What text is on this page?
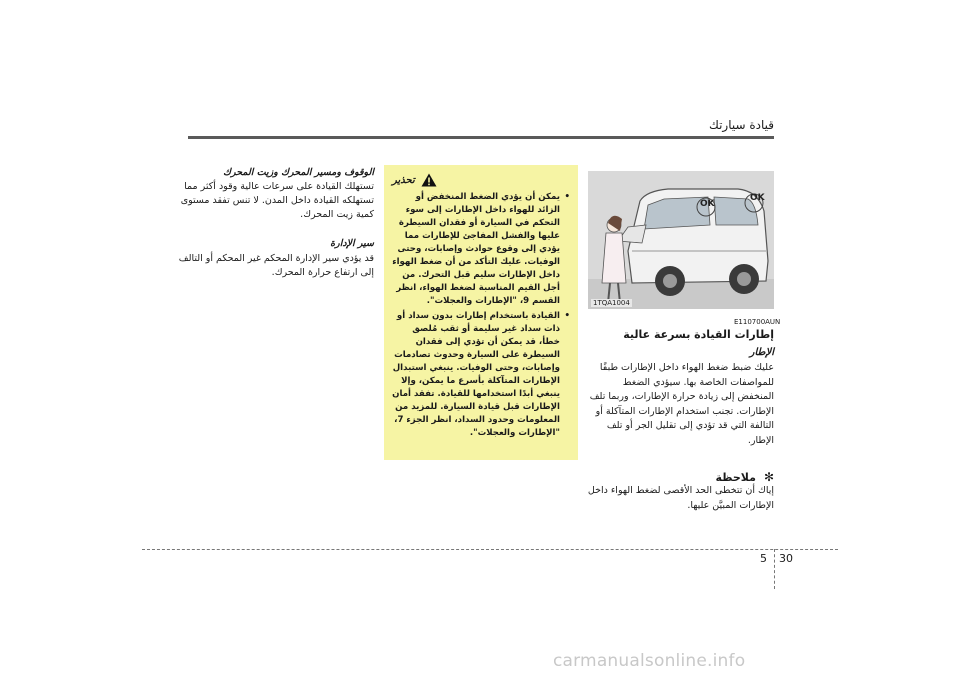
قيادة سيارتك
OK
OK
1TQA1004
E110700AUN
إطارات القيادة بسرعة عالية
الإطار
عليك ضبط ضغط الهواء داخل الإطارات طبقًا للمواصفات الخاصة بها. سيؤدي الضغط المنخفض إلى زيادة حرارة الإطارات، وربما تلف الإطارات. تجنب استخدام الإطارات المتآكلة أو التالفة التي قد تؤدي إلى تقليل الجر أو تلف الإطار.
✻
ملاحظة
إياك أن تتخطى الحد الأقصى لضغط الهواء داخل الإطارات المبيَّن عليها.
تحذير
• يمكن أن يؤدي الضغط المنخفض أو الزائد للهواء داخل الإطارات إلى سوء التحكم في السيارة أو فقدان السيطرة عليها والفشل المفاجئ للإطارات مما يؤدي إلى وقوع حوادث وإصابات، وحتى الوفيات. عليك التأكد من أن ضغط الهواء داخل الإطارات سليم قبل التحرك. من أجل القيم المناسبة لضغط الهواء، انظر القسم 9، "الإطارات والعجلات".
• القيادة باستخدام إطارات بدون سداد أو ذات سداد غير سليمة أو ثقب مُلصق خطأ، قد يمكن أن تؤدي إلى فقدان السيطرة على السيارة وحدوث تصادمات وإصابات، وحتى الوفيات. ينبغي استبدال الإطارات المتآكلة بأسرع ما يمكن، وإلا ينبغي أبدًا استخدامها للقيادة. تفقد أمان الإطارات قبل قيادة السيارة. للمزيد من المعلومات وحدود السداد، انظر الجزء 7، "الإطارات والعجلات".
الوقوف ومسير المحرك وزيت المحرك
تستهلك القيادة على سرعات عالية وقود أكثر مما تستهلكه القيادة داخل المدن. لا تنس تفقد مستوى كمية زيت المحرك.
سير الإدارة
قد يؤدي سير الإدارة المحكم غير المحكم أو التالف إلى ارتفاع حرارة المحرك.
5 30
carmanualsonline.info
